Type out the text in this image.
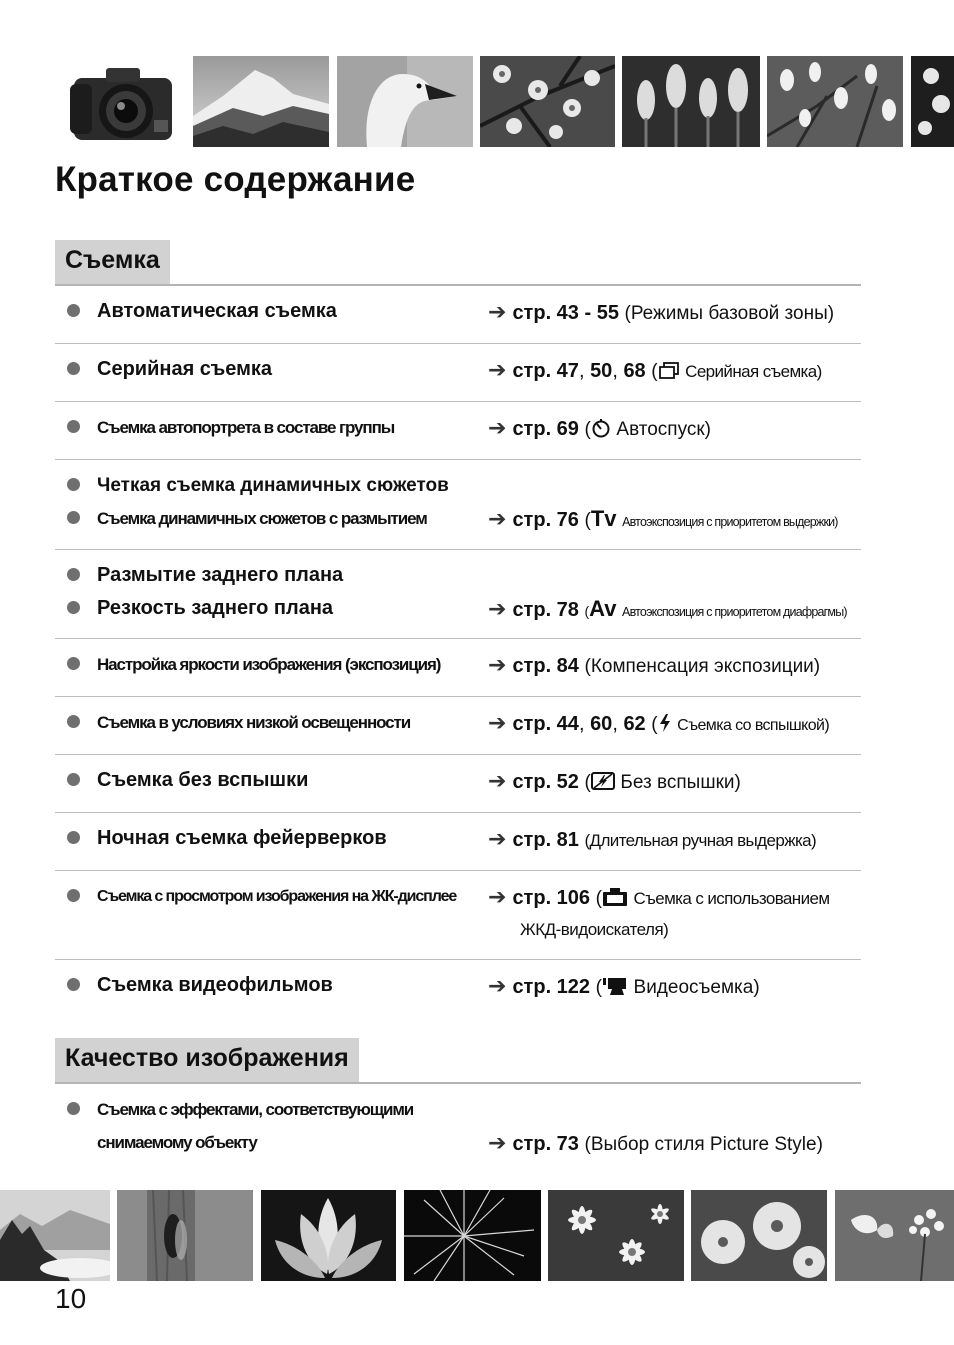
Краткое содержание
Съемка
Автоматическая съемка	➔ стр. 43 - 55 (Режимы базовой зоны)
Серийная съемка	➔ стр. 47, 50, 68 ( Серийная съемка)
Съемка автопортрета в составе группы	➔ стр. 69 ( Автоспуск)
Четкая съемка динамичных сюжетов
Съемка динамичных сюжетов с размытием	➔ стр. 76 (Tv Автоэкспозиция с приоритетом выдержки)
Размытие заднего плана
Резкость заднего плана	➔ стр. 78 (Av Автоэкспозиция с приоритетом диафрагмы)
Настройка яркости изображения (экспозиция) ➔ стр. 84 (Компенсация экспозиции)
Съемка в условиях низкой освещенности	➔ стр. 44, 60, 62 ( Съемка со вспышкой)
Съемка без вспышки	➔ стр. 52 ( Без вспышки)
Ночная съемка фейерверков	➔ стр. 81 (Длительная ручная выдержка)
Съемка с просмотром изображения на ЖК-дисплее ➔ стр. 106 ( Съемка с использованием
ЖКД-видоискателя)
Съемка видеофильмов	➔ стр. 122 ( Видеосъемка)
Качество изображения
Съемка с эффектами, соответствующими
снимаемому объекту	➔ стр. 73 (Выбор стиля Picture Style)
10
